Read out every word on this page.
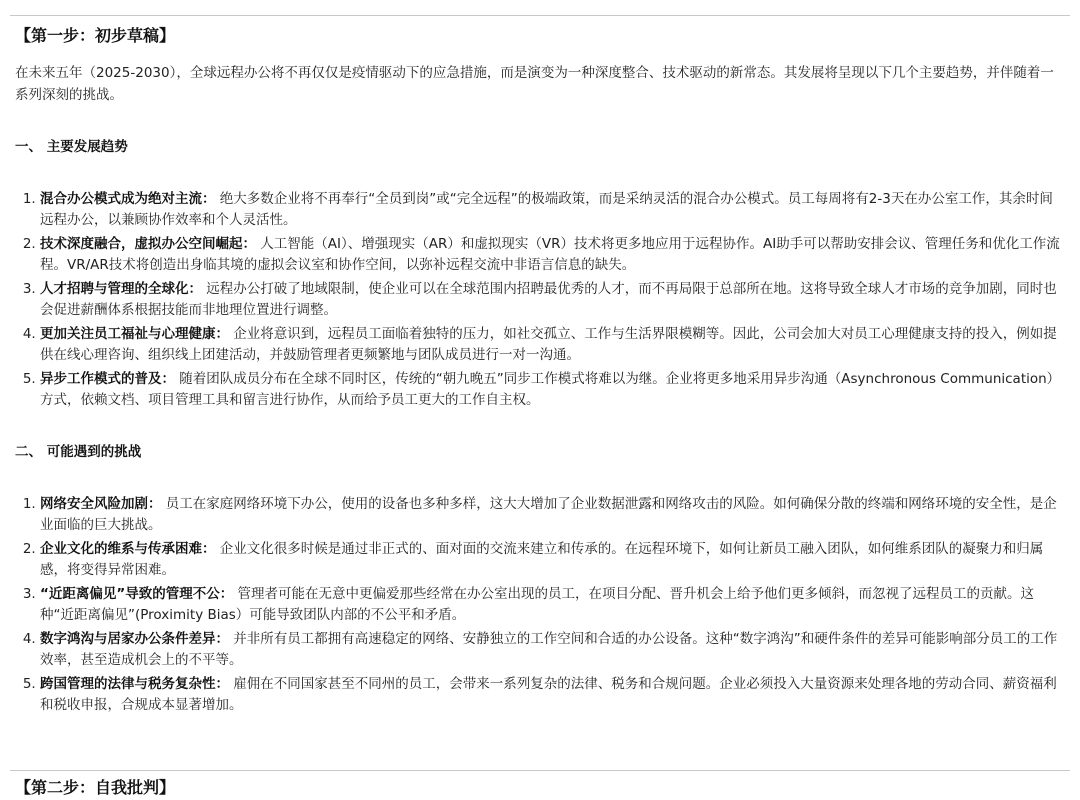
【第一步：初步草稿】

在未来五年（2025-2030），全球远程办公将不再仅仅是疫情驱动下的应急措施，而是演变为一种深度整合、技术驱动的新常态。其发展将呈现以下几个主要趋势，并伴随着一系列深刻的挑战。

一、 主要发展趋势

1. 混合办公模式成为绝对主流： 绝大多数企业将不再奉行“全员到岗”或“完全远程”的极端政策，而是采纳灵活的混合办公模式。员工每周将有2-3天在办公室工作，其余时间远程办公，以兼顾协作效率和个人灵活性。
2. 技术深度融合，虚拟办公空间崛起： 人工智能（AI）、增强现实（AR）和虚拟现实（VR）技术将更多地应用于远程协作。AI助手可以帮助安排会议、管理任务和优化工作流程。VR/AR技术将创造出身临其境的虚拟会议室和协作空间，以弥补远程交流中非语言信息的缺失。
3. 人才招聘与管理的全球化： 远程办公打破了地域限制，使企业可以在全球范围内招聘最优秀的人才，而不再局限于总部所在地。这将导致全球人才市场的竞争加剧，同时也会促进薪酬体系根据技能而非地理位置进行调整。
4. 更加关注员工福祉与心理健康： 企业将意识到，远程员工面临着独特的压力，如社交孤立、工作与生活界限模糊等。因此，公司会加大对员工心理健康支持的投入，例如提供在线心理咨询、组织线上团建活动，并鼓励管理者更频繁地与团队成员进行一对一沟通。
5. 异步工作模式的普及： 随着团队成员分布在全球不同时区，传统的“朝九晚五”同步工作模式将难以为继。企业将更多地采用异步沟通（Asynchronous Communication）方式，依赖文档、项目管理工具和留言进行协作，从而给予员工更大的工作自主权。

二、 可能遇到的挑战

1. 网络安全风险加剧： 员工在家庭网络环境下办公，使用的设备也多种多样，这大大增加了企业数据泄露和网络攻击的风险。如何确保分散的终端和网络环境的安全性，是企业面临的巨大挑战。
2. 企业文化的维系与传承困难： 企业文化很多时候是通过非正式的、面对面的交流来建立和传承的。在远程环境下，如何让新员工融入团队，如何维系团队的凝聚力和归属感，将变得异常困难。
3. “近距离偏见”导致的管理不公： 管理者可能在无意中更偏爱那些经常在办公室出现的员工，在项目分配、晋升机会上给予他们更多倾斜，而忽视了远程员工的贡献。这种“近距离偏见”(Proximity Bias）可能导致团队内部的不公平和矛盾。
4. 数字鸿沟与居家办公条件差异： 并非所有员工都拥有高速稳定的网络、安静独立的工作空间和合适的办公设备。这种“数字鸿沟”和硬件条件的差异可能影响部分员工的工作效率，甚至造成机会上的不平等。
5. 跨国管理的法律与税务复杂性： 雇佣在不同国家甚至不同州的员工，会带来一系列复杂的法律、税务和合规问题。企业必须投入大量资源来处理各地的劳动合同、薪资福利和税收申报，合规成本显著增加。
【第二步：自我批判】
